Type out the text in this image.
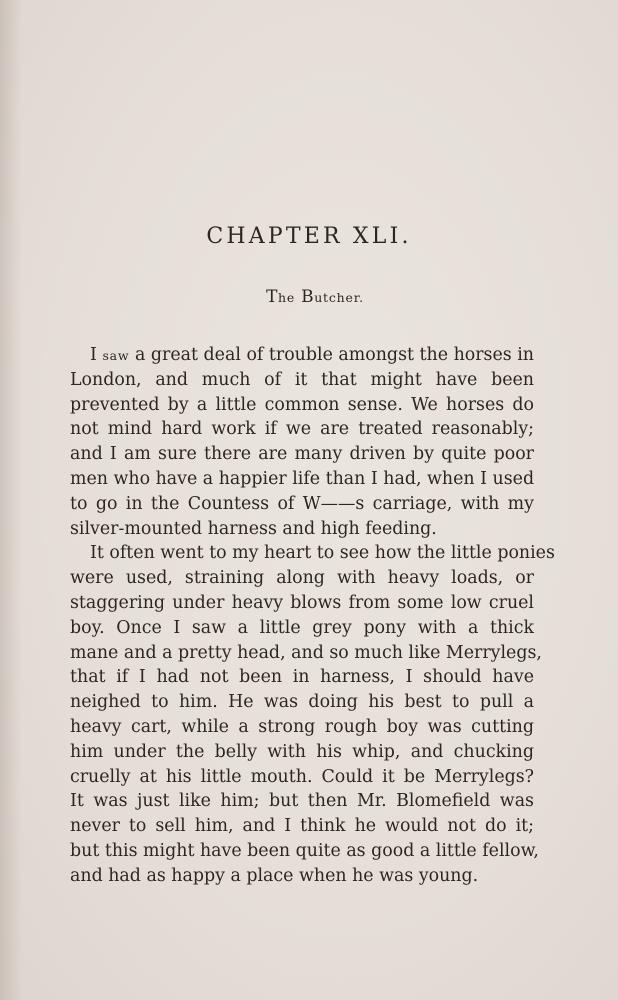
CHAPTER XLI.
The Butcher.
I saw a great deal of trouble amongst the horses in
London, and much of it that might have been
prevented by a little common sense. We horses do
not mind hard work if we are treated reasonably;
and I am sure there are many driven by quite poor
men who have a happier life than I had, when I used
to go in the Countess of W——s carriage, with my
silver-mounted harness and high feeding.
It often went to my heart to see how the little ponies
were used, straining along with heavy loads, or
staggering under heavy blows from some low cruel
boy. Once I saw a little grey pony with a thick
mane and a pretty head, and so much like Merrylegs,
that if I had not been in harness, I should have
neighed to him. He was doing his best to pull a
heavy cart, while a strong rough boy was cutting
him under the belly with his whip, and chucking
cruelly at his little mouth. Could it be Merrylegs?
It was just like him; but then Mr. Blomefield was
never to sell him, and I think he would not do it;
but this might have been quite as good a little fellow,
and had as happy a place when he was young.
